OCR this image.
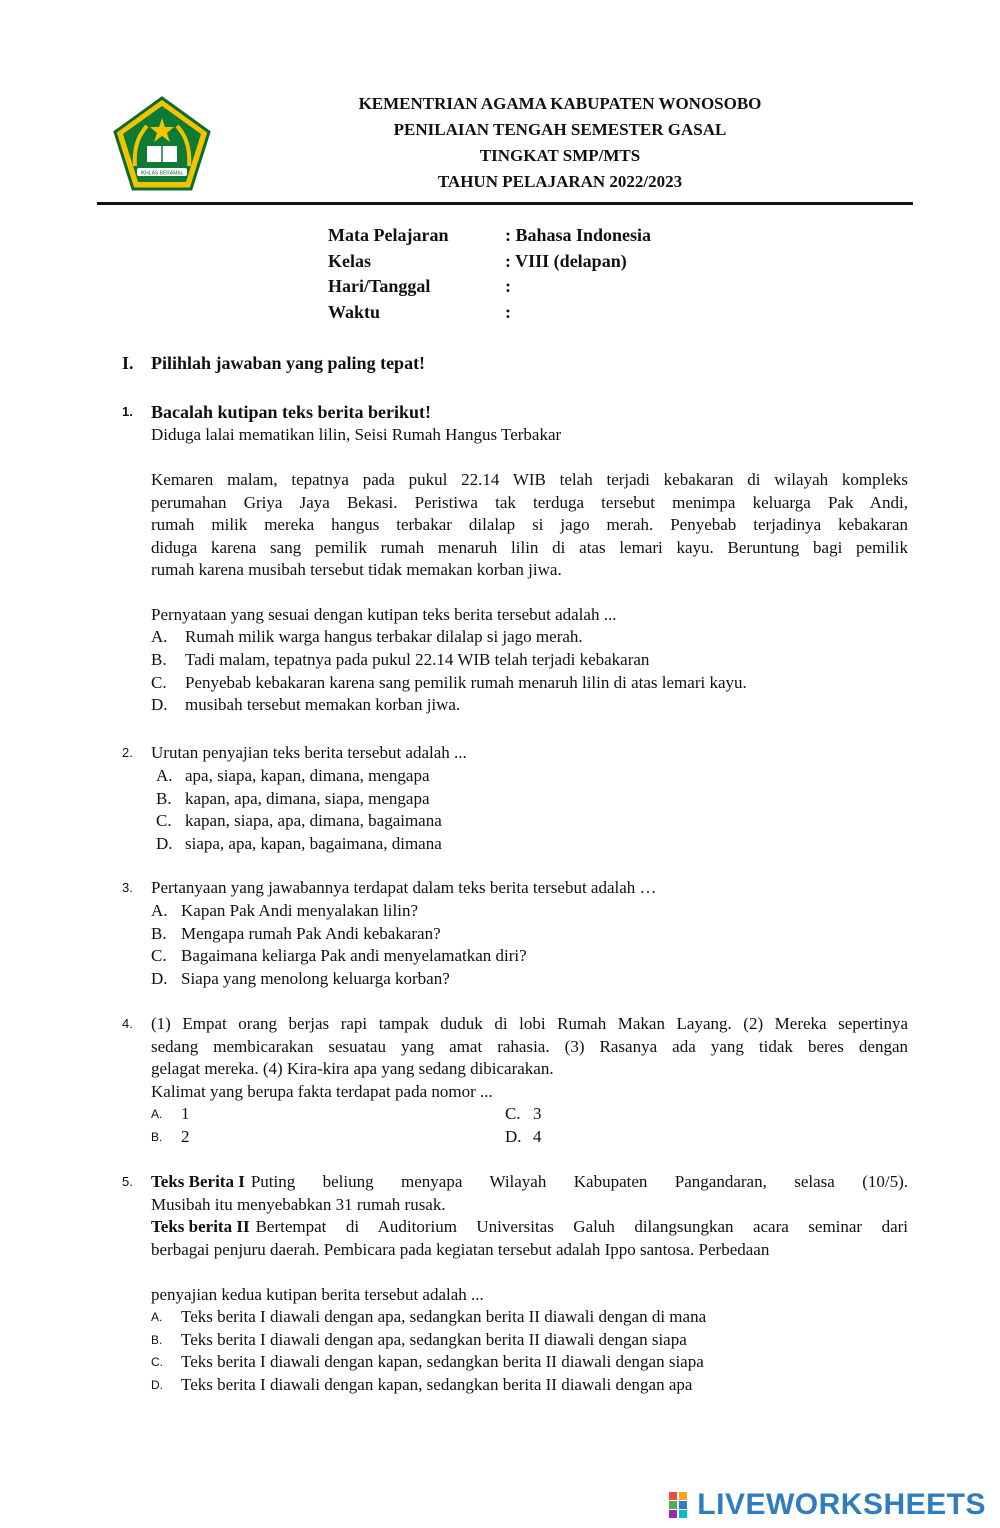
IKHLAS BERAMAL
KEMENTRIAN AGAMA KABUPATEN WONOSOBO
PENILAIAN TENGAH SEMESTER GASAL
TINGKAT SMP/MTS
TAHUN PELAJARAN 2022/2023
Mata Pelajaran	: Bahasa Indonesia
Kelas	: VIII (delapan)
Hari/Tanggal	:
Waktu	:
I. Pilihlah jawaban yang paling tepat!
1. Bacalah kutipan teks berita berikut!
Diduga lalai mematikan lilin, Seisi Rumah Hangus Terbakar
Kemaren malam, tepatnya pada pukul 22.14 WIB telah terjadi kebakaran di wilayah kompleks
perumahan Griya Jaya Bekasi. Peristiwa tak terduga tersebut menimpa keluarga Pak Andi,
rumah milik mereka hangus terbakar dilalap si jago merah. Penyebab terjadinya kebakaran
diduga karena sang pemilik rumah menaruh lilin di atas lemari kayu. Beruntung bagi pemilik
rumah karena musibah tersebut tidak memakan korban jiwa.
Pernyataan yang sesuai dengan kutipan teks berita tersebut adalah ...
A. Rumah milik warga hangus terbakar dilalap si jago merah.
B. Tadi malam, tepatnya pada pukul 22.14 WIB telah terjadi kebakaran
C. Penyebab kebakaran karena sang pemilik rumah menaruh lilin di atas lemari kayu.
D. musibah tersebut memakan korban jiwa.
2. Urutan penyajian teks berita tersebut adalah ...
A. apa, siapa, kapan, dimana, mengapa
B. kapan, apa, dimana, siapa, mengapa
C. kapan, siapa, apa, dimana, bagaimana
D. siapa, apa, kapan, bagaimana, dimana
3. Pertanyaan yang jawabannya terdapat dalam teks berita tersebut adalah …
A. Kapan Pak Andi menyalakan lilin?
B. Mengapa rumah Pak Andi kebakaran?
C. Bagaimana keliarga Pak andi menyelamatkan diri?
D. Siapa yang menolong keluarga korban?
4. (1) Empat orang berjas rapi tampak duduk di lobi Rumah Makan Layang. (2) Mereka sepertinya
sedang membicarakan sesuatau yang amat rahasia. (3) Rasanya ada yang tidak beres dengan
gelagat mereka. (4) Kira-kira apa yang sedang dibicarakan.
Kalimat yang berupa fakta terdapat pada nomor ...
A. 1	C. 3
B. 2	D. 4
5. Teks Berita I Puting beliung menyapa Wilayah Kabupaten Pangandaran, selasa (10/5).
Musibah itu menyebabkan 31 rumah rusak.
Teks berita II Bertempat di Auditorium Universitas Galuh dilangsungkan acara seminar dari
berbagai penjuru daerah. Pembicara pada kegiatan tersebut adalah Ippo santosa. Perbedaan
penyajian kedua kutipan berita tersebut adalah ...
A. Teks berita I diawali dengan apa, sedangkan berita II diawali dengan di mana
B. Teks berita I diawali dengan apa, sedangkan berita II diawali dengan siapa
C. Teks berita I diawali dengan kapan, sedangkan berita II diawali dengan siapa
D. Teks berita I diawali dengan kapan, sedangkan berita II diawali dengan apa
LIVEWORKSHEETS
